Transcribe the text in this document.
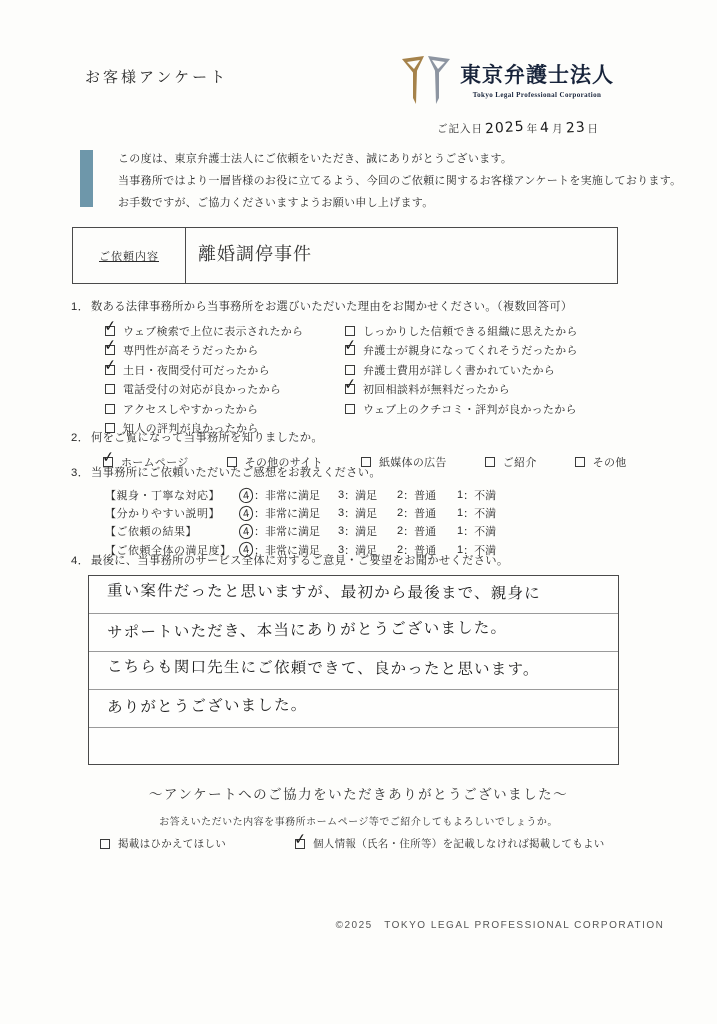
お客様アンケート	東京弁護士法人
Tokyo Legal Professional Corporation
ご記入日2025年4月23日
この度は、東京弁護士法人にご依頼をいただき、誠にありがとうございます。
当事務所ではより一層皆様のお役に立てるよう、今回のご依頼に関するお客様アンケートを実施しております。
お手数ですが、ご協力くださいますようお願い申し上げます。
ご依頼内容 離婚調停事件
1． 数ある法律事務所から当事務所をお選びいただいた理由をお聞かせください。（複数回答可）
✓ ウェブ検索で上位に表示されたから
✓ 専門性が高そうだったから
✓ 土日・夜間受付可だったから
電話受付の対応が良かったから
アクセスしやすかったから
知人の評判が良かったから
しっかりした信頼できる組織に思えたから
✓ 弁護士が親身になってくれそうだったから
弁護士費用が詳しく書かれていたから
✓ 初回相談料が無料だったから
ウェブ上のクチコミ・評判が良かったから
2． 何をご覧になって当事務所を知りましたか。
✓ ホームページ	その他のサイト	紙媒体の広告	ご紹介	その他
3． 当事務所にご依頼いただいたご感想をお教えください。
【親身・丁寧な対応】	4 ：非常に満足 3 ：満足 2 ：普通 1 ：不満
【分かりやすい説明】	4 ：非常に満足 3 ：満足 2 ：普通 1 ：不満
【ご依頼の結果】	4 ：非常に満足 3 ：満足 2 ：普通 1 ：不満
【ご依頼全体の満足度】 4 ：非常に満足 3 ：満足 2 ：普通 1 ：不満
4． 最後に、当事務所のサービス全体に対するご意見・ご要望をお聞かせください。
重い案件だったと思いますが、最初から最後まで、親身に
サポートいただき、本当にありがとうございました。
こちらも関口先生にご依頼できて、良かったと思います。
ありがとうございました。
～アンケートへのご協力をいただきありがとうございました～
お答えいただいた内容を事務所ホームページ等でご紹介してもよろしいでしょうか。
掲載はひかえてほしい	✓ 個人情報（氏名・住所等）を記載しなければ掲載してもよい
©2025　TOKYO LEGAL PROFESSIONAL CORPORATION
